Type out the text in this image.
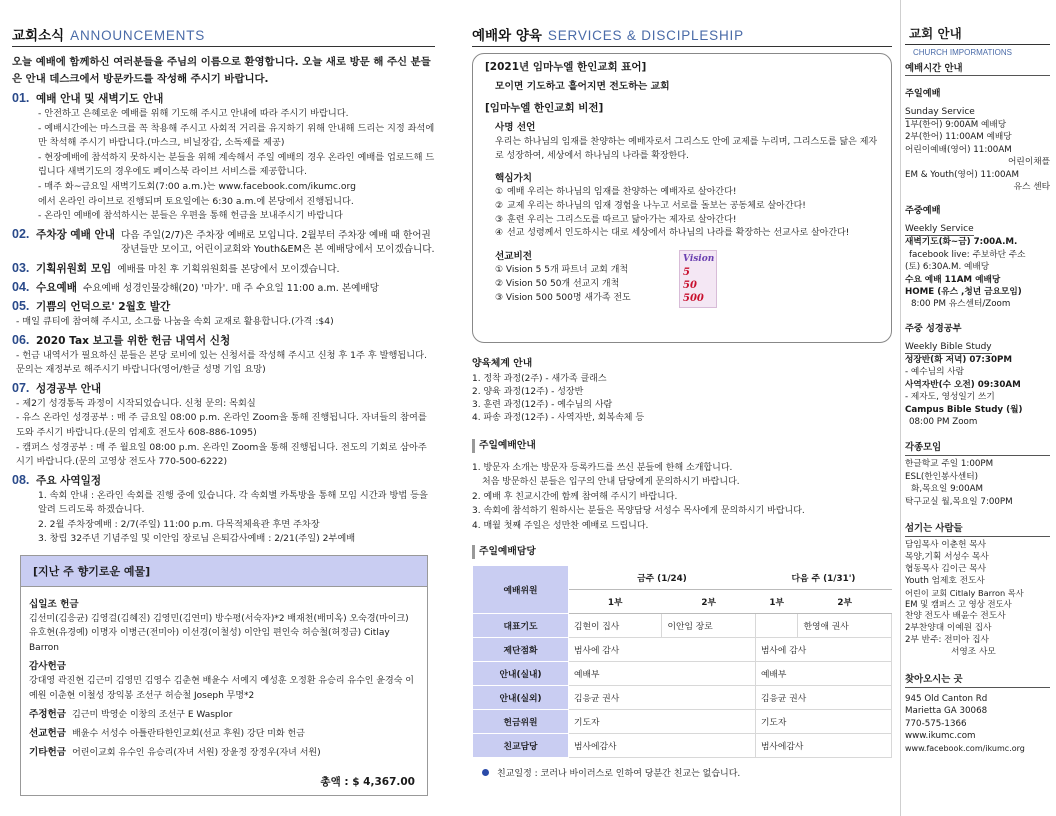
교회소식 ANNOUNCEMENTS
오늘 예배에 함께하신 여러분들을 주님의 이름으로 환영합니다. 오늘 새로 방문 해 주신 분들은 안내 데스크에서 방문카드를 작성해 주시기 바랍니다.
01. 예배 안내 및 새벽기도 안내
- 안전하고 은혜로운 예배를 위해 기도해 주시고 안내에 따라 주시기 바랍니다.
- 예배시간에는 마스크를 꼭 착용해 주시고 사회적 거리를 유지하기 위해 안내해 드리는 지정 좌석에만 착석해 주시기 바랍니다.(마스크, 비닐장갑, 소독제를 제공)
- 현장예배에 참석하지 못하시는 분들을 위해 계속해서 주일 예배의 경우 온라인 예배를 업로드해 드립니다 새벽기도의 경우에도 페이스북 라이브 서비스를 제공합니다.
- 매주 화~금요일 새벽기도회(7:00 a.m.)는 www.facebook.com/ikumc.org
에서 온라인 라이브로 진행되며 토요일에는 6:30 a.m.에 본당에서 진행됩니다.
- 온라인 예배에 참석하시는 분들은 우편을 통해 헌금을 보내주시기 바랍니다
02. 주차장 예배 안내 다음 주일(2/7)은 주차장 예배로 모입니다. 2월부터 주차장 예배 때 한어권 장년들만 모이고, 어린이교회와 Youth&EM은 본 예배당에서 모이겠습니다.
03. 기획위원회 모임 예배를 마친 후 기획위원회를 본당에서 모이겠습니다.
04. 수요예배 수요예배 성경인물강해(20) '마가'. 매 주 수요일 11:00 a.m. 본예배당
05. 기쁨의 언덕으로' 2월호 발간
- 매일 큐티에 참여해 주시고, 소그룹 나눔을 속회 교재로 활용합니다.(가격 :$4)
06. 2020 Tax 보고를 위한 헌금 내역서 신청
- 헌금 내역서가 필요하신 분들은 본당 로비에 있는 신청서를 작성해 주시고 신청 후 1주 후 발행됩니다. 문의는 재정부로 해주시기 바랍니다(영어/한글 성명 기입 요망)
07. 성경공부 안내
- 제2기 성경통독 과정이 시작되었습니다. 신청 문의: 목회실
- 유스 온라인 성경공부 : 매 주 금요일 08:00 p.m. 온라인 Zoom을 통해 진행됩니다. 자녀들의 참여를 도와 주시기 바랍니다.(문의 엄제호 전도사 608-886-1095)
- 캠퍼스 성경공부 : 매 주 월요일 08:00 p.m. 온라인 Zoom을 통해 진행됩니다. 전도의 기회로 삼아주시기 바랍니다.(문의 고영상 전도사 770-500-6222)
08. 주요 사역일정
1. 속회 안내 : 온라인 속회를 진행 중에 있습니다. 각 속회별 카톡방을 통해 모임 시간과 방법 등을 알려 드리도록 하겠습니다.
2. 2월 주차장예배 : 2/7(주일) 11:00 p.m. 다목적체육관 후면 주차장
3. 창립 32주년 기념주일 및 이안임 장로님 은퇴감사예배 : 2/21(주일) 2부예배
[지난 주 향기로운 예물]
십일조 헌금
김선미(김응균) 김영걸(김혜진) 김영민(김연미) 방수평(서숙자)*2 배재천(배미옥) 오숙경(마이크) 유호현(유경예) 이명자 이병근(전미아) 이선경(이철성) 이안임 편인숙 허승철(허정금) Citlay Barron
감사헌금
강대영 곽진현 김근미 김영민 김영수 김춘현 배윤수 서예지 예성훈 오정환 유승리 유수인 윤경숙 이예원 이춘현 이철성 장익봉 조선구 허승철 Joseph 무명*2
주정헌금 김근미 박영순 이창의 조선구 E Wasplor
선교헌금 배윤수 서성수 아틀란타한인교회(선교 후원) 강단 미화 헌금
기타헌금 어린이교회 유수인 유승리(자녀 서원) 장윤정 장정우(자녀 서원)
총액 : $ 4,367.00
예배와 양육 SERVICES & DISCIPLESHIP
[2021년 임마누엘 한인교회 표어]
모이면 기도하고 흩어지면 전도하는 교회
[임마누엘 한인교회 비전]
사명 선언
우리는 하나님의 임재를 찬양하는 예배자로서 그리스도 안에 교제를 누리며, 그리스도를 닮은 제자로 성장하여, 세상에서 하나님의 나라를 확장한다.
핵심가치
① 예배 우리는 하나님의 임재를 찬양하는 예배자로 살아간다!
② 교제 우리는 하나님의 임재 경험을 나누고 서로를 돌보는 공동체로 살아간다!
③ 훈련 우리는 그리스도를 따르고 닮아가는 제자로 살아간다!
④ 선교 성령께서 인도하시는 대로 세상에서 하나님의 나라를 확장하는 선교사로 살아간다!
선교비전
① Vision 5 5개 파트너 교회 개척
② Vision 50 50개 선교지 개척
③ Vision 500 500명 새가족 전도
Vision
5
50
500
양육체계 안내
1. 정착 과정(2주) - 새가족 클래스
2. 양육 과정(12주) - 성장반
3. 훈련 과정(12주) - 예수님의 사람
4. 파송 과정(12주) - 사역자반, 회복속체 등
주일예배안내
1. 방문자 소개는 방문자 등록카드를 쓰신 분들에 한해 소개합니다.
처음 방문하신 분들은 입구의 안내 담당에게 문의하시기 바랍니다.
2. 예배 후 친교시간에 함께 참여해 주시기 바랍니다.
3. 속회에 참석하기 원하시는 분들은 목양담당 서성수 목사에게 문의하시기 바랍니다.
4. 매월 첫째 주일은 성만찬 예배로 드립니다.
주일예배담당
예배위원	금주 (1/24)		다음 주 (1/31')	
	1부	2부	1부	2부
대표기도	김현이 집사	이안임 장로		한영애 권사
제단점화	범사에 감사		범사에 감사	
안내(실내)	예배부		예배부	
안내(실외)	김응균 권사		김응균 권사	
헌금위원	기도자		기도자	
친교담당	범사에감사		범사에감사	
친교일정 : 코러나 바이러스로 인하여 당분간 친교는 없습니다.
교회 안내
CHURCH IMPORMATIONS
예배시간 안내
주일예배
Sunday Service
1부(한어) 9:00AM 예배당
2부(한어) 11:00AM 예배당
어린이예배(영어) 11:00AM
어린이채플
EM & Youth(영어) 11:00AM
유스 센타
주중예배
Weekly Service
새벽기도(화~금) 7:00A.M.
facebook live: 주보하단 주소
(토) 6:30A.M. 예배당
수요 예배 11AM 예배당
HOME (유스 ,청년 금요모임)
8:00 PM 유스센터/Zoom
주중 성경공부
Weekly Bible Study
성장반(화 저녁) 07:30PM
- 예수님의 사람
사역자반(수 오전) 09:30AM
- 제자도, 영성일기 쓰기
Campus Bible Study (월)
08:00 PM Zoom
각종모임
한글학교 주일 1:00PM
ESL(한인봉사센터)
화,목요일 9:00AM
탁구교실 월,목요일 7:00PM
섬기는 사람들
담임목사 이춘헌 목사
목양,기획 서성수 목사
협동목사 김이근 목사
Youth 엄제호 전도사
어린이 교회 Citlaly Barron 목사
EM 및 캠퍼스 고 영상 전도사
찬양 전도사 배윤수 전도사
2부찬양대 이예원 집사
2부 반주: 전미아 집사
서영조 사모
찾아오시는 곳
945 Old Canton Rd
Marietta GA 30068
770-575-1366
www.ikumc.com
www.facebook.com/ikumc.org
